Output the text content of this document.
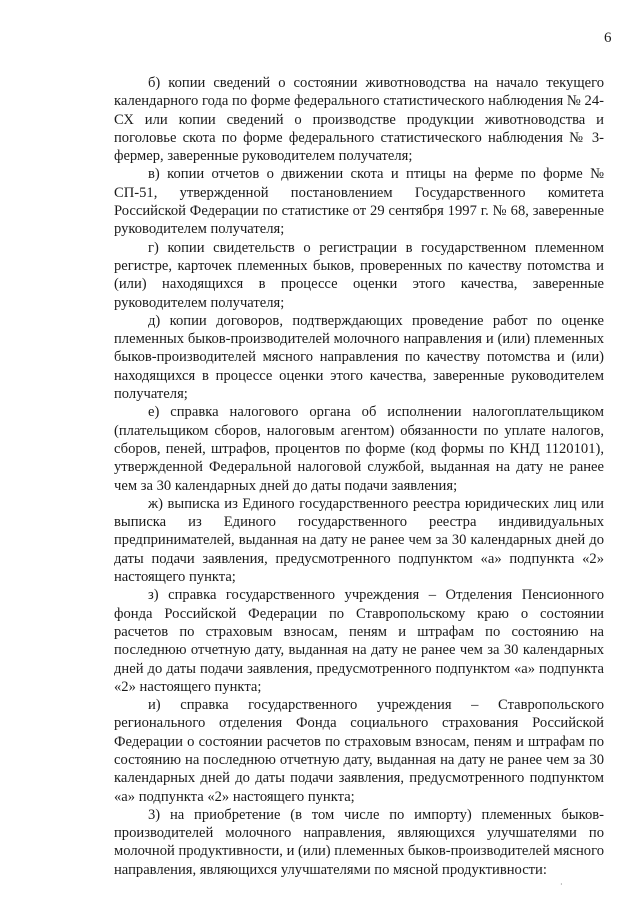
6

б) копии сведений о состоянии животноводства на начало текущего календарного года по форме федерального статистического наблюдения № 24-СХ или копии сведений о производстве продукции животноводства и поголовье скота по форме федерального статистического наблюдения № 3-фермер, заверенные руководителем получателя;

в) копии отчетов о движении скота и птицы на ферме по форме № СП-51, утвержденной постановлением Государственного комитета Российской Федерации по статистике от 29 сентября 1997 г. № 68, заверенные руководителем получателя;

г) копии свидетельств о регистрации в государственном племенном регистре, карточек племенных быков, проверенных по качеству потомства и (или) находящихся в процессе оценки этого качества, заверенные руководителем получателя;

д) копии договоров, подтверждающих проведение работ по оценке племенных быков-производителей молочного направления и (или) племенных быков-производителей мясного направления по качеству потомства и (или) находящихся в процессе оценки этого качества, заверенные руководителем получателя;

е) справка налогового органа об исполнении налогоплательщиком (плательщиком сборов, налоговым агентом) обязанности по уплате налогов, сборов, пеней, штрафов, процентов по форме (код формы по КНД 1120101), утвержденной Федеральной налоговой службой, выданная на дату не ранее чем за 30 календарных дней до даты подачи заявления;

ж) выписка из Единого государственного реестра юридических лиц или выписка из Единого государственного реестра индивидуальных предпринимателей, выданная на дату не ранее чем за 30 календарных дней до даты подачи заявления, предусмотренного подпунктом «а» подпункта «2» настоящего пункта;

з) справка государственного учреждения – Отделения Пенсионного фонда Российской Федерации по Ставропольскому краю о состоянии расчетов по страховым взносам, пеням и штрафам по состоянию на последнюю отчетную дату, выданная на дату не ранее чем за 30 календарных дней до даты подачи заявления, предусмотренного подпунктом «а» подпункта «2» настоящего пункта;

и) справка государственного учреждения – Ставропольского регионального отделения Фонда социального страхования Российской Федерации о состоянии расчетов по страховым взносам, пеням и штрафам по состоянию на последнюю отчетную дату, выданная на дату не ранее чем за 30 календарных дней до даты подачи заявления, предусмотренного подпунктом «а» подпункта «2» настоящего пункта;

3) на приобретение (в том числе по импорту) племенных быков-производителей молочного направления, являющихся улучшателями по молочной продуктивности, и (или) племенных быков-производителей мясного направления, являющихся улучшателями по мясной продуктивности:

·
